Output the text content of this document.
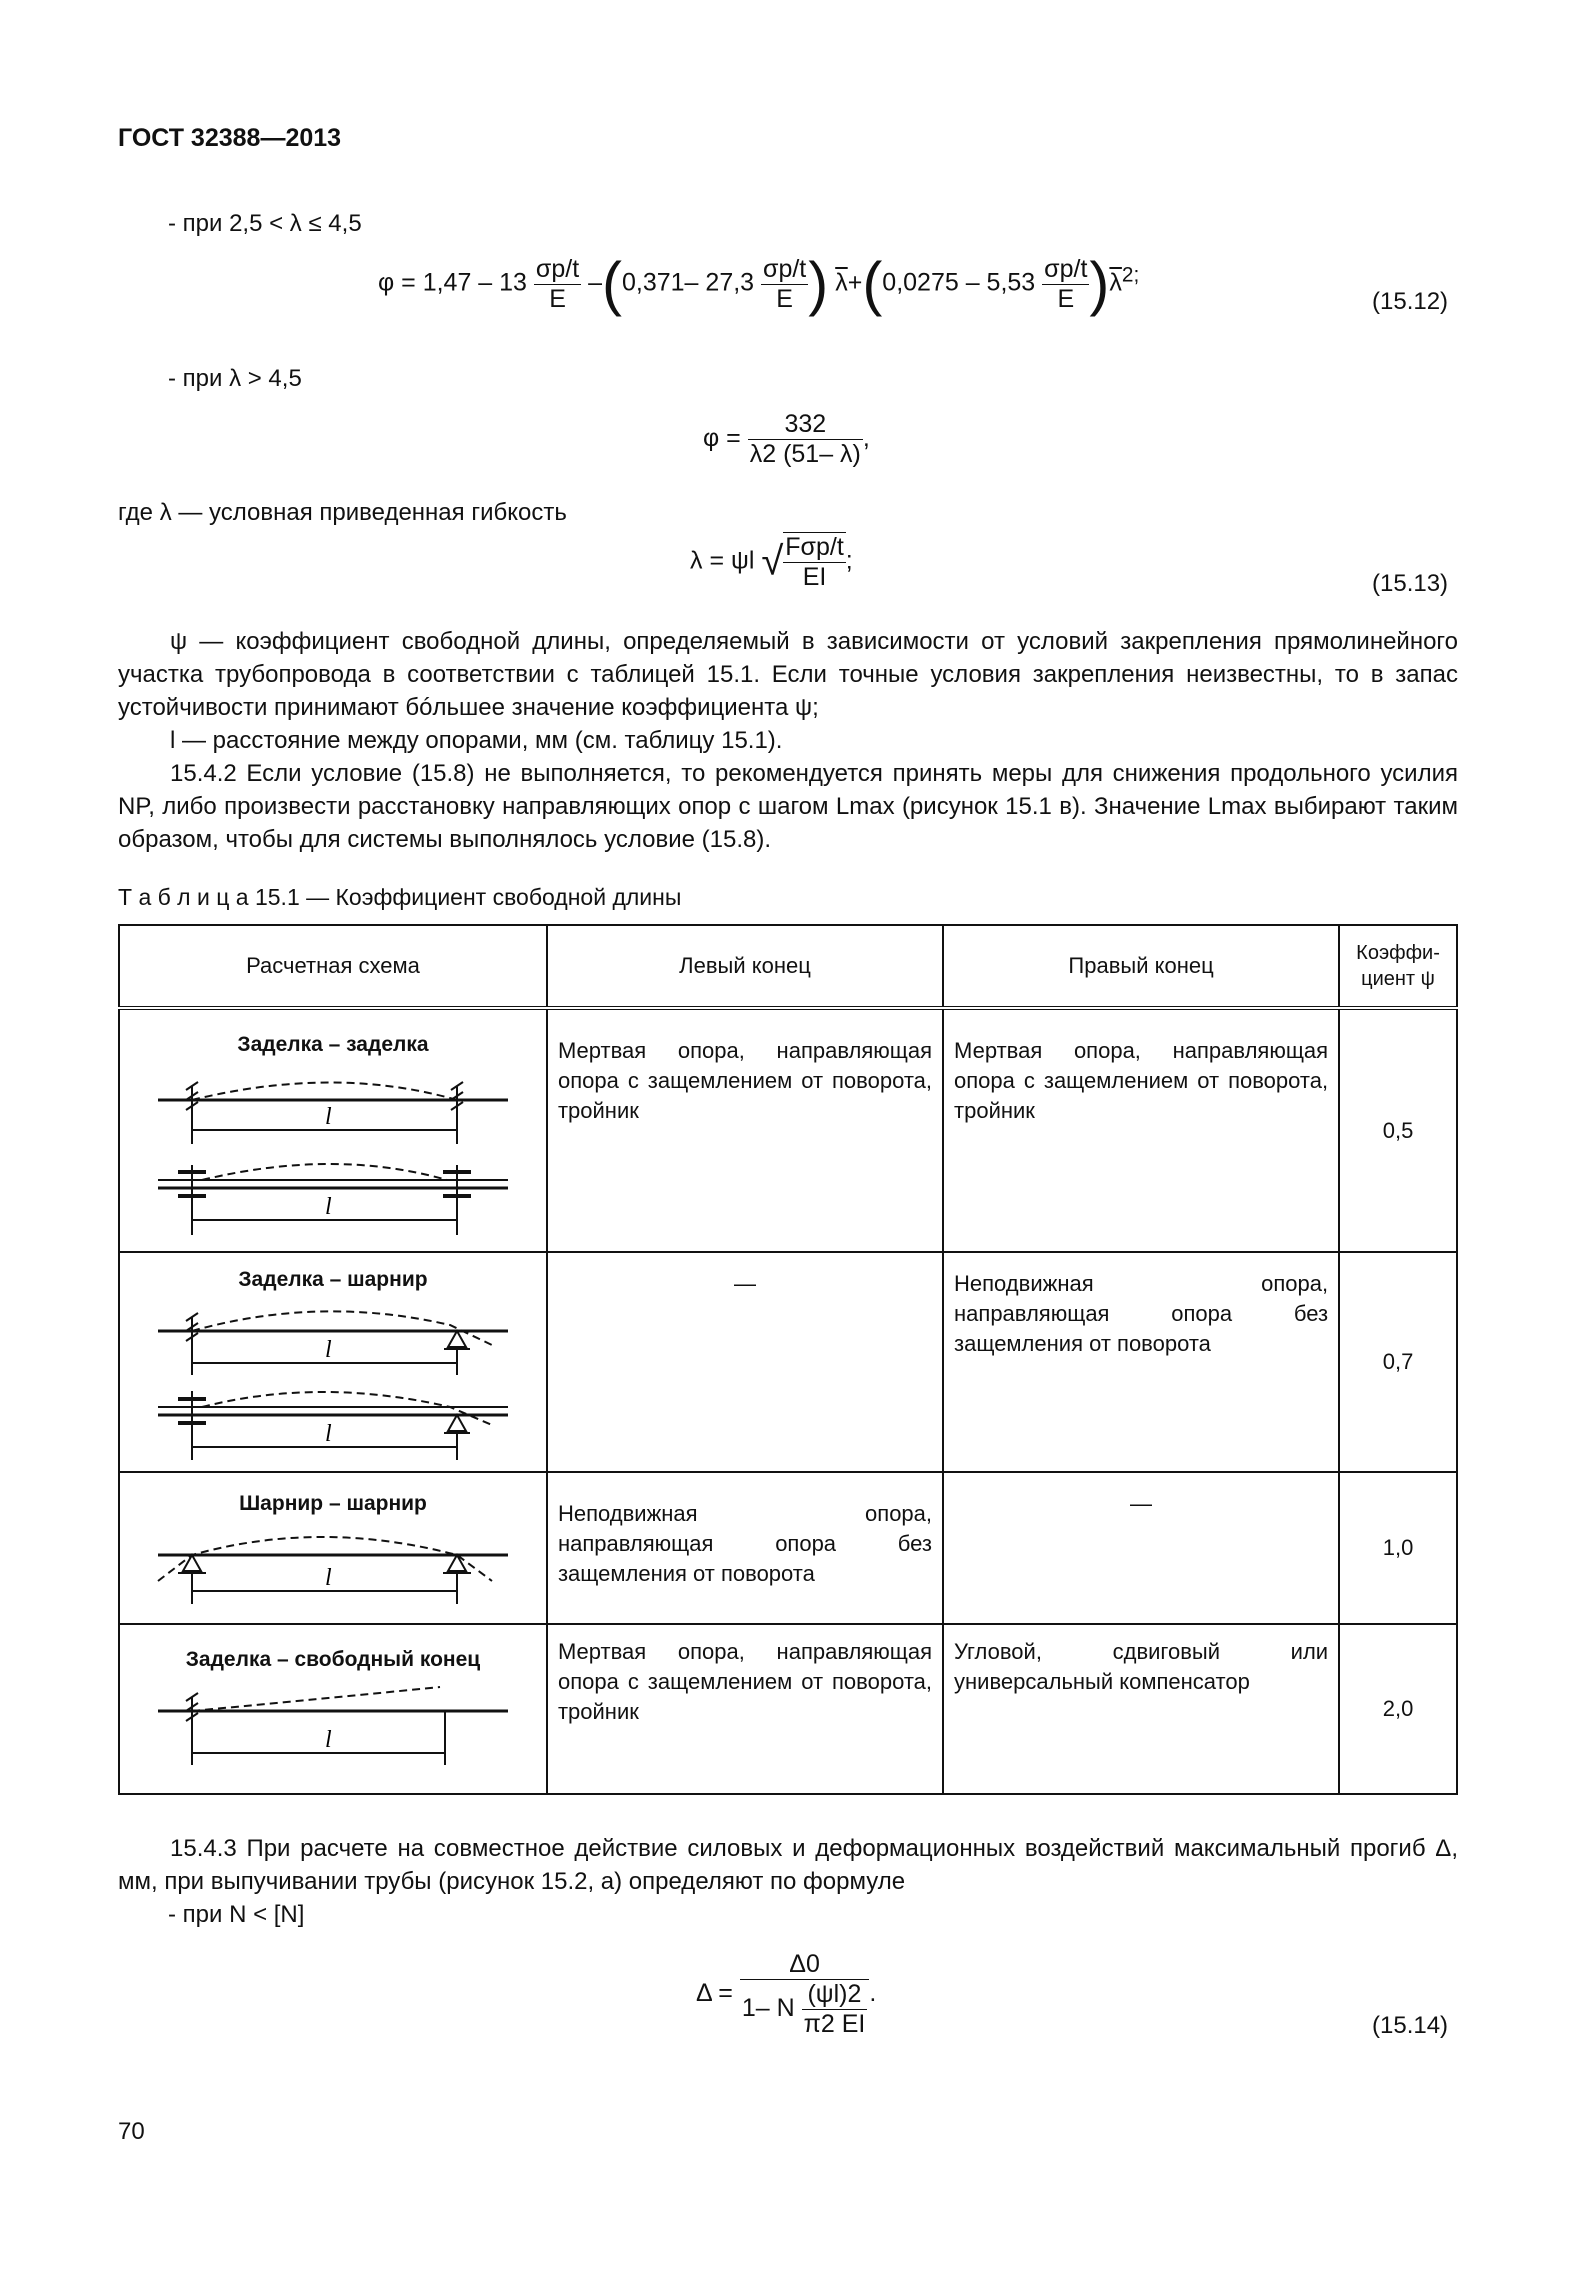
ГОСТ 32388—2013
- при 2,5 < λ ≤ 4,5
$\varphi = 1,47 - 13 \frac{\sigma p/t}{E} -(0,371-$ $27,3 \frac{\sigma p/t}{E}$ ) $\overline{\lambda}+(0,0275 - 5,53 \frac{\sigma p/t}{E} )\overline{\lambda}^{2;}$
(15.12)
- при λ > 4,5
$\varphi = \frac{332}{\lambda 2 (51- \lambda)}$ ,
где λ — условная приведенная гибкость
λ = ψl √ $\frac{\text{Fσp/t}}{EI}$ ;
(15.13)
ψ — коэффициент свободной длины, определяемый в зависимости от условий закрепления прямолинейного участка трубопровода в соответствии с таблицей 15.1. Если точные условия закрепления неизвестны, то в запас устойчивости принимают бóльшее значение коэффициента ψ;
l — расстояние между опорами, мм (см. таблицу 15.1).
15.4.2 Если условие (15.8) не выполняется, то рекомендуется принять меры для снижения продольного усилия NP, либо произвести расстановку направляющих опор с шагом Lmax (рисунок 15.1 в). Значение Lmax выбирают таким образом, чтобы для системы выполнялось условие (15.8).
Т а б л и ц а 15.1 — Коэффициент свободной длины
Расчетная схема	Левый конец	Правый конец	Коэффи-циент ψ

Заделка – заделка
l
l	Мертвая опора, направляющая опора с защемлением от поворота, тройник	Мертвая опора, направляющая опора с защемлением от поворота, тройник	0,5

Заделка – шарнир
l
l	—	Неподвижная опора, направляющая опора без защемления от поворота	0,7

Шарнир – шарнир
l	Неподвижная опора, направляющая опора без защемления от поворота	—	1,0

Заделка – свободный конец
l	Мертвая опора, направляющая опора с защемлением от поворота, тройник	Угловой, сдвиговый или универсальный компенсатор	2,0
15.4.3 При расчете на совместное действие силовых и деформационных воздействий максимальный прогиб Δ, мм, при выпучивании трубы (рисунок 15.2, а) определяют по формуле
- при N < [N]
$\Delta = \frac{\Delta 0}{1- N \frac{(\psi l)2}{\pi 2 EI}}$ .
(15.14)
70
